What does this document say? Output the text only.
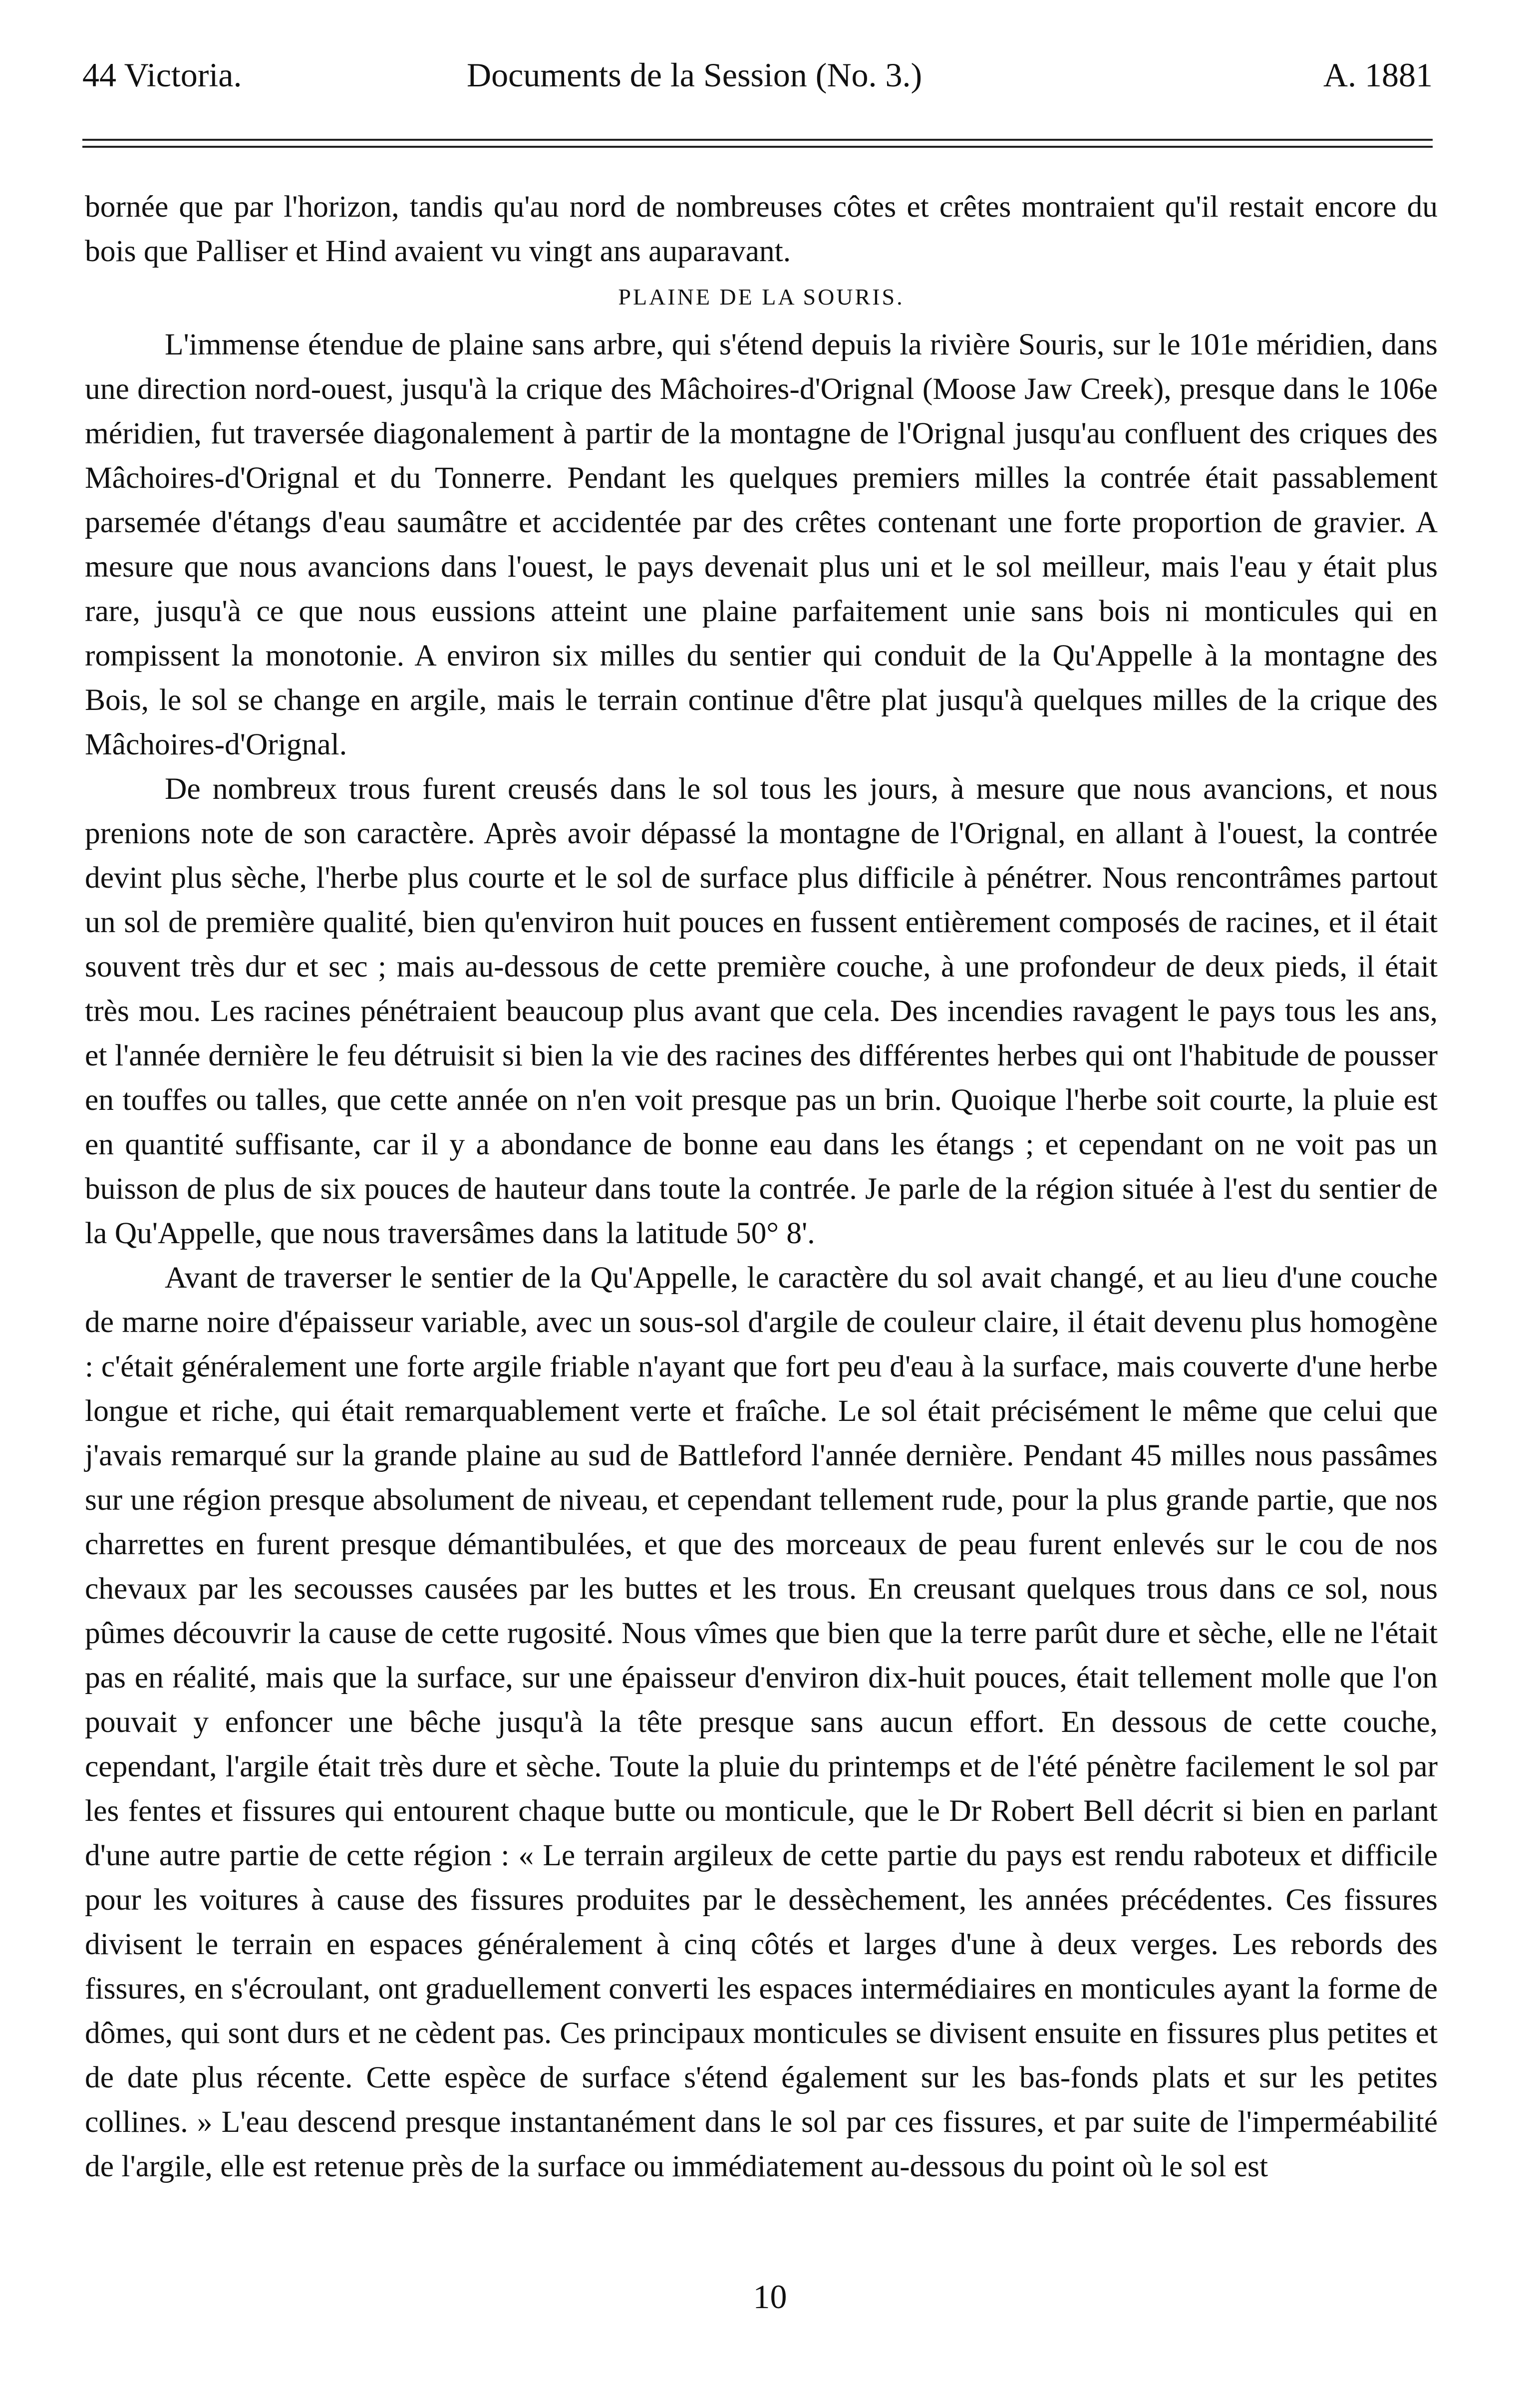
44 Victoria.	Documents de la Session (No. 3.)	A. 1881

bornée que par l'horizon, tandis qu'au nord de nombreuses côtes et crêtes montraient qu'il restait encore du bois que Palliser et Hind avaient vu vingt ans auparavant.

PLAINE DE LA SOURIS.

L'immense étendue de plaine sans arbre, qui s'étend depuis la rivière Souris, sur le 101e méridien, dans une direction nord-ouest, jusqu'à la crique des Mâchoires-d'Orignal (Moose Jaw Creek), presque dans le 106e méridien, fut traversée diagonalement à partir de la montagne de l'Orignal jusqu'au confluent des criques des Mâchoires-d'Orignal et du Tonnerre. Pendant les quelques premiers milles la contrée était passablement parsemée d'étangs d'eau saumâtre et accidentée par des crêtes contenant une forte proportion de gravier. A mesure que nous avancions dans l'ouest, le pays devenait plus uni et le sol meilleur, mais l'eau y était plus rare, jusqu'à ce que nous eussions atteint une plaine parfaitement unie sans bois ni monticules qui en rompissent la monotonie. A environ six milles du sentier qui conduit de la Qu'Appelle à la montagne des Bois, le sol se change en argile, mais le terrain continue d'être plat jusqu'à quelques milles de la crique des Mâchoires-d'Orignal.

De nombreux trous furent creusés dans le sol tous les jours, à mesure que nous avancions, et nous prenions note de son caractère. Après avoir dépassé la montagne de l'Orignal, en allant à l'ouest, la contrée devint plus sèche, l'herbe plus courte et le sol de surface plus difficile à pénétrer. Nous rencontrâmes partout un sol de première qualité, bien qu'environ huit pouces en fussent entièrement composés de racines, et il était souvent très dur et sec ; mais au-dessous de cette première couche, à une profondeur de deux pieds, il était très mou. Les racines pénétraient beaucoup plus avant que cela. Des incendies ravagent le pays tous les ans, et l'année dernière le feu détruisit si bien la vie des racines des différentes herbes qui ont l'habitude de pousser en touffes ou talles, que cette année on n'en voit presque pas un brin. Quoique l'herbe soit courte, la pluie est en quantité suffisante, car il y a abondance de bonne eau dans les étangs ; et cependant on ne voit pas un buisson de plus de six pouces de hauteur dans toute la contrée. Je parle de la région située à l'est du sentier de la Qu'Appelle, que nous traversâmes dans la latitude 50° 8'.

Avant de traverser le sentier de la Qu'Appelle, le caractère du sol avait changé, et au lieu d'une couche de marne noire d'épaisseur variable, avec un sous-sol d'argile de couleur claire, il était devenu plus homogène : c'était généralement une forte argile friable n'ayant que fort peu d'eau à la surface, mais couverte d'une herbe longue et riche, qui était remarquablement verte et fraîche. Le sol était précisément le même que celui que j'avais remarqué sur la grande plaine au sud de Battleford l'année dernière. Pendant 45 milles nous passâmes sur une région presque absolument de niveau, et cependant tellement rude, pour la plus grande partie, que nos charrettes en furent presque démantibulées, et que des morceaux de peau furent enlevés sur le cou de nos chevaux par les secousses causées par les buttes et les trous. En creusant quelques trous dans ce sol, nous pûmes découvrir la cause de cette rugosité. Nous vîmes que bien que la terre parût dure et sèche, elle ne l'était pas en réalité, mais que la surface, sur une épaisseur d'environ dix-huit pouces, était tellement molle que l'on pouvait y enfoncer une bêche jusqu'à la tête presque sans aucun effort. En dessous de cette couche, cependant, l'argile était très dure et sèche. Toute la pluie du printemps et de l'été pénètre facilement le sol par les fentes et fissures qui entourent chaque butte ou monticule, que le Dr Robert Bell décrit si bien en parlant d'une autre partie de cette région : « Le terrain argileux de cette partie du pays est rendu raboteux et difficile pour les voitures à cause des fissures produites par le dessèchement, les années précédentes. Ces fissures divisent le terrain en espaces généralement à cinq côtés et larges d'une à deux verges. Les rebords des fissures, en s'écroulant, ont graduellement converti les espaces intermédiaires en monticules ayant la forme de dômes, qui sont durs et ne cèdent pas. Ces principaux monticules se divisent ensuite en fissures plus petites et de date plus récente. Cette espèce de surface s'étend également sur les bas-fonds plats et sur les petites collines. » L'eau descend presque instantanément dans le sol par ces fissures, et par suite de l'imperméabilité de l'argile, elle est retenue près de la surface ou immédiatement au-dessous du point où le sol est

10
